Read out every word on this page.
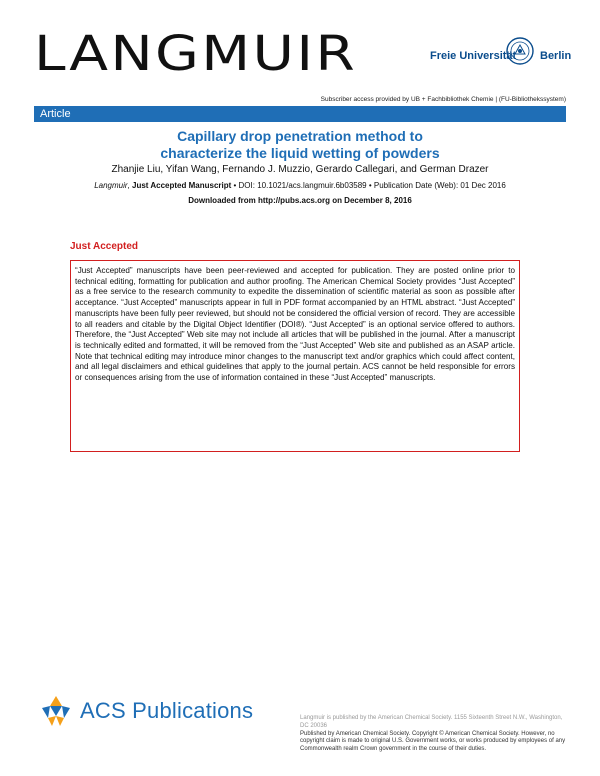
LANGMUIR	Freie Universität Berlin
Subscriber access provided by UB + Fachbibliothek Chemie | (FU-Bibliothekssystem)
Article
Capillary drop penetration method to
characterize the liquid wetting of powders
Zhanjie Liu, Yifan Wang, Fernando J. Muzzio, Gerardo Callegari, and German Drazer
Langmuir, Just Accepted Manuscript • DOI: 10.1021/acs.langmuir.6b03589 • Publication Date (Web): 01 Dec 2016
Downloaded from http://pubs.acs.org on December 8, 2016
Just Accepted

“Just Accepted” manuscripts have been peer-reviewed and accepted for publication. They are posted online prior to technical editing, formatting for publication and author proofing. The American Chemical Society provides “Just Accepted” as a free service to the research community to expedite the dissemination of scientific material as soon as possible after acceptance. “Just Accepted” manuscripts appear in full in PDF format accompanied by an HTML abstract. “Just Accepted” manuscripts have been fully peer reviewed, but should not be considered the official version of record. They are accessible to all readers and citable by the Digital Object Identifier (DOI®). “Just Accepted” is an optional service offered to authors. Therefore, the “Just Accepted” Web site may not include all articles that will be published in the journal. After a manuscript is technically edited and formatted, it will be removed from the “Just Accepted” Web site and published as an ASAP article. Note that technical editing may introduce minor changes to the manuscript text and/or graphics which could affect content, and all legal disclaimers and ethical guidelines that apply to the journal pertain. ACS cannot be held responsible for errors or consequences arising from the use of information contained in these “Just Accepted” manuscripts.

ACS Publications	Langmuir is published by the American Chemical Society. 1155 Sixteenth Street N.W., Washington, DC 20036
Published by American Chemical Society. Copyright © American Chemical Society. However, no copyright claim is made to original U.S. Government works, or works produced by employees of any Commonwealth realm Crown government in the course of their duties.
